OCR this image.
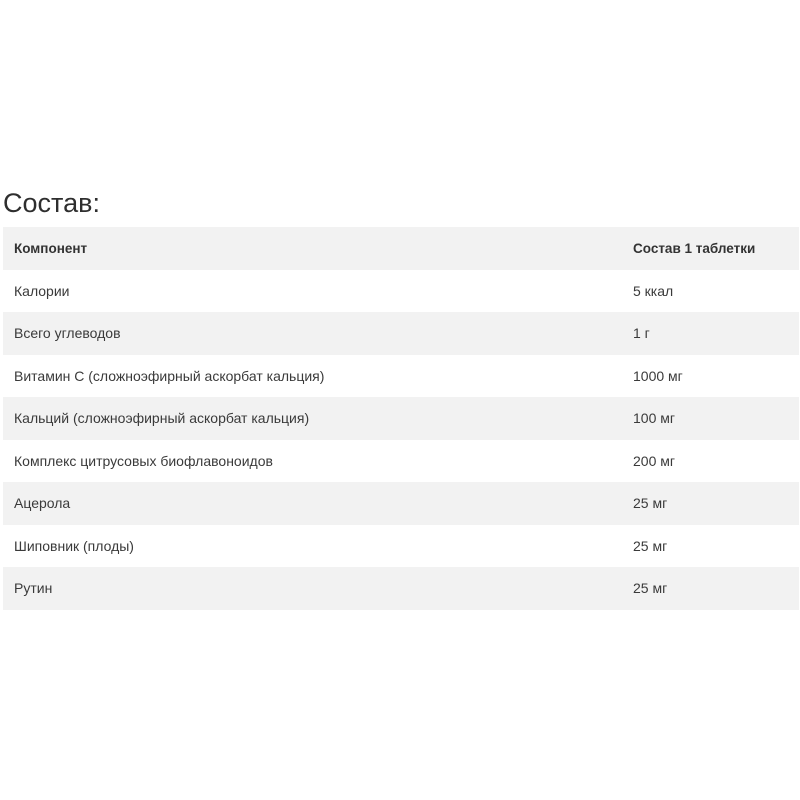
Состав:
Компонент	Состав 1 таблетки
Калории	5 ккал
Всего углеводов	1 г
Витамин C (сложноэфирный аскорбат кальция)	1000 мг
Кальций (сложноэфирный аскорбат кальция)	100 мг
Комплекс цитрусовых биофлавоноидов	200 мг
Ацерола	25 мг
Шиповник (плоды)	25 мг
Рутин	25 мг
